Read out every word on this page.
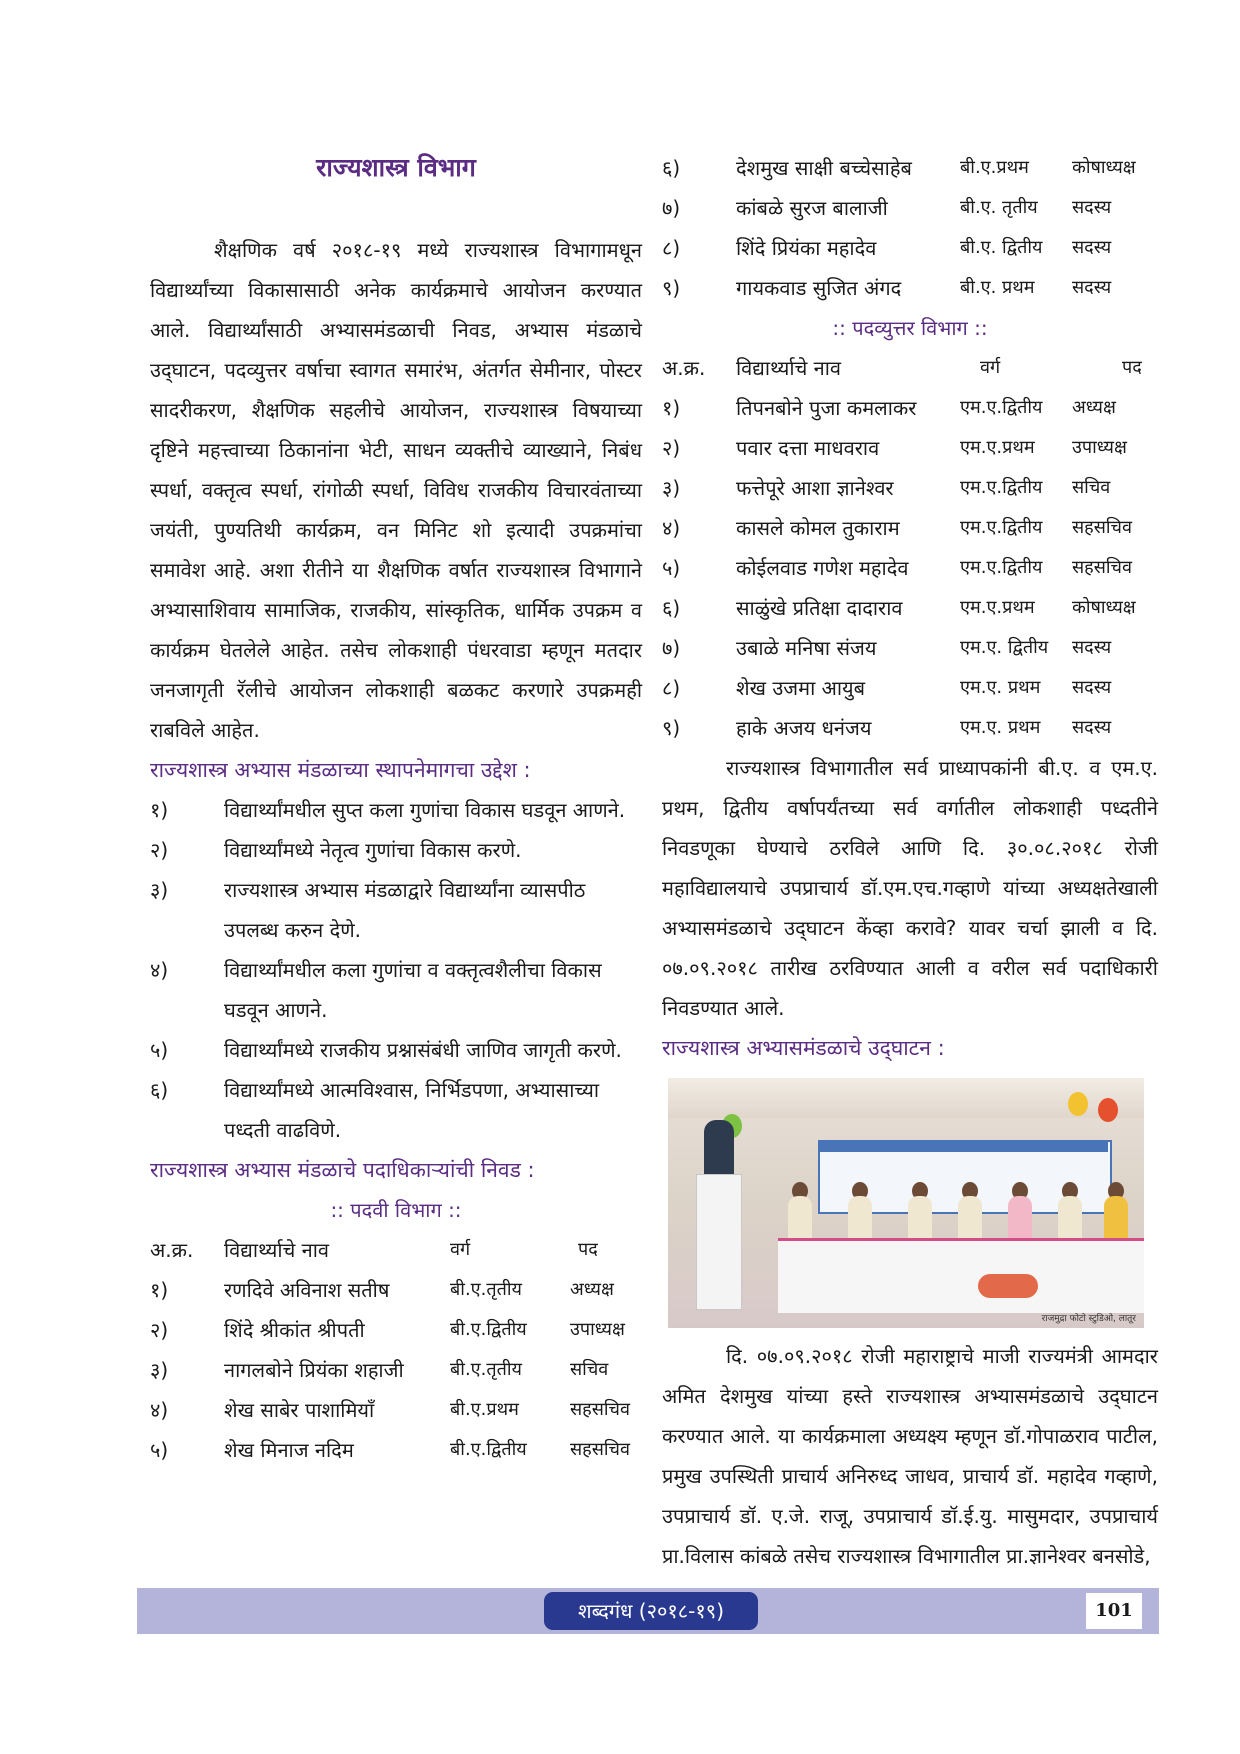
राज्यशास्त्र विभाग

शैक्षणिक वर्ष २०१८-१९ मध्ये राज्यशास्त्र विभागामधून विद्यार्थ्यांच्या विकासासाठी अनेक कार्यक्रमाचे आयोजन करण्यात आले. विद्यार्थ्यांसाठी अभ्यासमंडळाची निवड, अभ्यास मंडळाचे उद्‌घाटन, पदव्युत्तर वर्षाचा स्वागत समारंभ, अंतर्गत सेमीनार, पोस्टर सादरीकरण, शैक्षणिक सहलीचे आयोजन, राज्यशास्त्र विषयाच्या दृष्टिने महत्त्वाच्या ठिकानांना भेटी, साधन व्यक्तीचे व्याख्याने, निबंध स्पर्धा, वक्तृत्व स्पर्धा, रांगोळी स्पर्धा, विविध राजकीय विचारवंताच्या जयंती, पुण्यतिथी कार्यक्रम, वन मिनिट शो इत्यादी उपक्रमांचा समावेश आहे. अशा रीतीने या शैक्षणिक वर्षात राज्यशास्त्र विभागाने अभ्यासाशिवाय सामाजिक, राजकीय, सांस्कृतिक, धार्मिक उपक्रम व कार्यक्रम घेतलेले आहेत. तसेच लोकशाही पंधरवाडा म्हणून मतदार जनजागृती रॅलीचे आयोजन लोकशाही बळकट करणारे उपक्रमही राबविले आहेत.

राज्यशास्त्र अभ्यास मंडळाच्या स्थापनेमागचा उद्देश :

१)	विद्यार्थ्यांमधील सुप्त कला गुणांचा विकास घडवून आणने.
२)	विद्यार्थ्यांमध्ये नेतृत्व गुणांचा विकास करणे.
३)	राज्यशास्त्र अभ्यास मंडळाद्वारे विद्यार्थ्यांना व्यासपीठ उपलब्ध करुन देणे.
४)	विद्यार्थ्यांमधील कला गुणांचा व वक्तृत्वशैलीचा विकास घडवून आणने.
५)	विद्यार्थ्यांमध्ये राजकीय प्रश्नासंबंधी जाणिव जागृती करणे.
६)	विद्यार्थ्यांमध्ये आत्मविश्वास, निर्भिडपणा, अभ्यासाच्या पध्दती वाढविणे.

राज्यशास्त्र अभ्यास मंडळाचे पदाधिकाऱ्यांची निवड :

:: पदवी विभाग ::

अ.क्र.	विद्यार्थ्याचे नाव	वर्ग	पद
१)	रणदिवे अविनाश सतीष	बी.ए.तृतीय	अध्यक्ष
२)	शिंदे श्रीकांत श्रीपती	बी.ए.द्वितीय	उपाध्यक्ष
३)	नागलबोने प्रियंका शहाजी	बी.ए.तृतीय	सचिव
४)	शेख साबेर पाशामियाँ	बी.ए.प्रथम	सहसचिव
५)	शेख मिनाज नदिम	बी.ए.द्वितीय	सहसचिव
६)	देशमुख साक्षी बच्चेसाहेब	बी.ए.प्रथम	कोषाध्यक्ष
७)	कांबळे सुरज बालाजी	बी.ए. तृतीय	सदस्य
८)	शिंदे प्रियंका महादेव	बी.ए. द्वितीय	सदस्य
९)	गायकवाड सुजित अंगद	बी.ए. प्रथम	सदस्य

:: पदव्युत्तर विभाग ::

अ.क्र.	विद्यार्थ्याचे नाव	वर्ग	पद
१)	तिपनबोने पुजा कमलाकर	एम.ए.द्वितीय	अध्यक्ष
२)	पवार दत्ता माधवराव	एम.ए.प्रथम	उपाध्यक्ष
३)	फत्तेपूरे आशा ज्ञानेश्वर	एम.ए.द्वितीय	सचिव
४)	कासले कोमल तुकाराम	एम.ए.द्वितीय	सहसचिव
५)	कोईलवाड गणेश महादेव	एम.ए.द्वितीय	सहसचिव
६)	साळुंखे प्रतिक्षा दादाराव	एम.ए.प्रथम	कोषाध्यक्ष
७)	उबाळे मनिषा संजय	एम.ए. द्वितीय	सदस्य
८)	शेख उजमा आयुब	एम.ए. प्रथम	सदस्य
९)	हाके अजय धनंजय	एम.ए. प्रथम	सदस्य

राज्यशास्त्र विभागातील सर्व प्राध्यापकांनी बी.ए. व एम.ए. प्रथम, द्वितीय वर्षापर्यंतच्या सर्व वर्गातील लोकशाही पध्दतीने निवडणूका घेण्याचे ठरविले आणि दि. ३०.०८.२०१८ रोजी महाविद्यालयाचे उपप्राचार्य डॉ.एम.एच.गव्हाणे यांच्या अध्यक्षतेखाली अभ्यासमंडळाचे उद्‌घाटन केंव्हा करावे? यावर चर्चा झाली व दि. ०७.०९.२०१८ तारीख ठरविण्यात आली व वरील सर्व पदाधिकारी निवडण्यात आले.

राज्यशास्त्र अभ्यासमंडळाचे उद्‌घाटन :

राजमुद्रा फोटो स्टुडिओ, लातूर

दि. ०७.०९.२०१८ रोजी महाराष्ट्राचे माजी राज्यमंत्री आमदार अमित देशमुख यांच्या हस्ते राज्यशास्त्र अभ्यासमंडळाचे उद्‌घाटन करण्यात आले. या कार्यक्रमाला अध्यक्ष्य म्हणून डॉ.गोपाळराव पाटील, प्रमुख उपस्थिती प्राचार्य अनिरुध्द जाधव, प्राचार्य डॉ. महादेव गव्हाणे, उपप्राचार्य डॉ. ए.जे. राजू, उपप्राचार्य डॉ.ई.यु. मासुमदार, उपप्राचार्य प्रा.विलास कांबळे तसेच राज्यशास्त्र विभागातील प्रा.ज्ञानेश्वर बनसोडे,

शब्दगंध (२०१८-१९)	101
